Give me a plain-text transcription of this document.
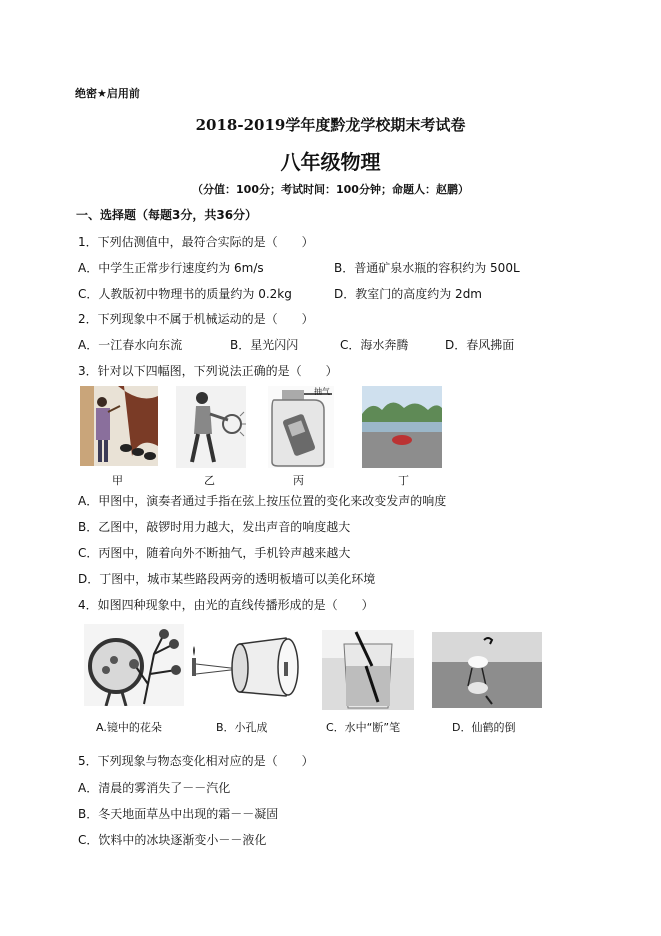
绝密★启用前
2018-2019学年度黔龙学校期末考试卷
八年级物理
（分值：100分；考试时间：100分钟；命题人：赵鹏）
一、选择题（每题3分，共36分）
1．下列估测值中，最符合实际的是（　　）
A．中学生正常步行速度约为 6m/s	B．普通矿泉水瓶的容积约为 500L
C．人教版初中物理书的质量约为 0.2kg	D．教室门的高度约为 2dm
2．下列现象中不属于机械运动的是（　　）
A．一江春水向东流	B．星光闪闪	C．海水奔腾	D．春风拂面
3．针对以下四幅图，下列说法正确的是（　　）
抽气
甲	乙	丙	丁
A．甲图中，演奏者通过手指在弦上按压位置的变化来改变发声的响度
B．乙图中，敲锣时用力越大，发出声音的响度越大
C．丙图中，随着向外不断抽气，手机铃声越来越大
D．丁图中，城市某些路段两旁的透明板墙可以美化环境
4．如图四种现象中，由光的直线传播形成的是（　　）
A.镜中的花朵	B．小孔成	C．水中“断”笔	D．仙鹤的倒
5．下列现象与物态变化相对应的是（　　）
A．清晨的雾消失了－－汽化
B．冬天地面草丛中出现的霜－－凝固
C．饮料中的冰块逐渐变小－－液化
